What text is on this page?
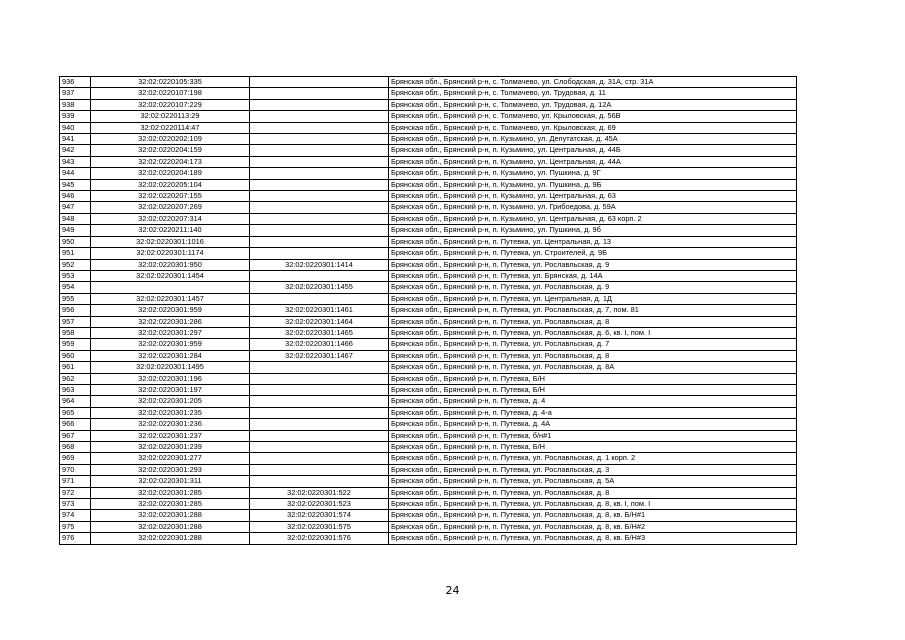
936	32:02:0220105:335		Брянская обл., Брянский р-н, с. Толмачево, ул. Слободская, д. 31А, стр. 31А
937	32:02:0220107:198		Брянская обл., Брянский р-н, с. Толмачево, ул. Трудовая, д. 11
938	32:02:0220107:229		Брянская обл., Брянский р-н, с. Толмачево, ул. Трудовая, д. 12А
939	32:02:0220113:29		Брянская обл., Брянский р-н, с. Толмачево, ул. Крыловская, д. 56В
940	32:02:0220114:47		Брянская обл., Брянский р-н, с. Толмачево, ул. Крыловская, д. 69
941	32:02:0220202:109		Брянская обл., Брянский р-н, п. Кузьмино, ул. Депутатская, д. 45А
942	32:02:0220204:159		Брянская обл., Брянский р-н, п. Кузьмино, ул. Центральная, д. 44Б
943	32:02:0220204:173		Брянская обл., Брянский р-н, п. Кузьмино, ул. Центральная, д. 44А
944	32:02:0220204:189		Брянская обл., Брянский р-н, п. Кузьмино, ул. Пушкина, д. 9Г
945	32:02:0220205:104		Брянская обл., Брянский р-н, п. Кузьмино, ул. Пушкина, д. 9Б
946	32:02:0220207:155		Брянская обл., Брянский р-н, п. Кузьмино, ул. Центральная, д. 63
947	32:02:0220207:269		Брянская обл., Брянский р-н, п. Кузьмино, ул. Грибоедова, д. 59А
948	32:02:0220207:314		Брянская обл., Брянский р-н, п. Кузьмино, ул. Центральная, д. 63 корп. 2
949	32:02:0220211:140		Брянская обл., Брянский р-н, п. Кузьмино, ул. Пушкина, д. 9б
950	32:02:0220301:1016		Брянская обл., Брянский р-н, п. Путевка, ул. Центральная, д. 13
951	32:02:0220301:1174		Брянская обл., Брянский р-н, п. Путевка, ул. Строителей, д. 9Б
952	32:02:0220301:950	32:02:0220301:1414	Брянская обл., Брянский р-н, п. Путевка, ул. Рославльская, д. 9
953	32:02:0220301:1454		Брянская обл., Брянский р-н, п. Путевка, ул. Брянская, д. 14А
954		32:02:0220301:1455	Брянская обл., Брянский р-н, п. Путевка, ул. Рославльская, д. 9
955	32:02:0220301:1457		Брянская обл., Брянский р-н, п. Путевка, ул. Центральная, д. 1Д
956	32:02:0220301:959	32:02:0220301:1461	Брянская обл., Брянский р-н, п. Путевка, ул. Рославльская, д. 7, пом. 81
957	32:02:0220301:286	32:02:0220301:1464	Брянская обл., Брянский р-н, п. Путевка, ул. Рославльская, д. 8
958	32:02:0220301:297	32:02:0220301:1465	Брянская обл., Брянский р-н, п. Путевка, ул. Рославльская, д. 6, кв. I, пом. I
959	32:02:0220301:959	32:02:0220301:1466	Брянская обл., Брянский р-н, п. Путевка, ул. Рославльская, д. 7
960	32:02:0220301:284	32:02:0220301:1467	Брянская обл., Брянский р-н, п. Путевка, ул. Рославльская, д. 8
961	32:02:0220301:1495		Брянская обл., Брянский р-н, п. Путевка, ул. Рославльская, д. 8А
962	32:02:0220301:196		Брянская обл., Брянский р-н, п. Путевка, Б/Н
963	32:02:0220301:197		Брянская обл., Брянский р-н, п. Путевка, Б/Н
964	32:02:0220301:205		Брянская обл., Брянский р-н, п. Путевка, д. 4
965	32:02:0220301:235		Брянская обл., Брянский р-н, п. Путевка, д. 4-а
966	32:02:0220301:236		Брянская обл., Брянский р-н, п. Путевка, д. 4А
967	32:02:0220301:237		Брянская обл., Брянский р-н, п. Путевка, б/н#1
968	32:02:0220301:239		Брянская обл., Брянский р-н, п. Путевка, Б/Н
969	32:02:0220301:277		Брянская обл., Брянский р-н, п. Путевка, ул. Рославльская, д. 1 корп. 2
970	32:02:0220301:293		Брянская обл., Брянский р-н, п. Путевка, ул. Рославльская, д. 3
971	32:02:0220301:311		Брянская обл., Брянский р-н, п. Путевка, ул. Рославльская, д. 5А
972	32:02:0220301:285	32:02:0220301:522	Брянская обл., Брянский р-н, п. Путевка, ул. Рославльская, д. 8
973	32:02:0220301:285	32:02:0220301:523	Брянская обл., Брянский р-н, п. Путевка, ул. Рославльская, д. 8, кв. I, пом. I
974	32:02:0220301:288	32:02:0220301:574	Брянская обл., Брянский р-н, п. Путевка, ул. Рославльская, д. 8, кв. Б/Н#1
975	32:02:0220301:288	32:02:0220301:575	Брянская обл., Брянский р-н, п. Путевка, ул. Рославльская, д. 8, кв. Б/Н#2
976	32:02:0220301:288	32:02:0220301:576	Брянская обл., Брянский р-н, п. Путевка, ул. Рославльская, д. 8, кв. Б/Н#3
24
